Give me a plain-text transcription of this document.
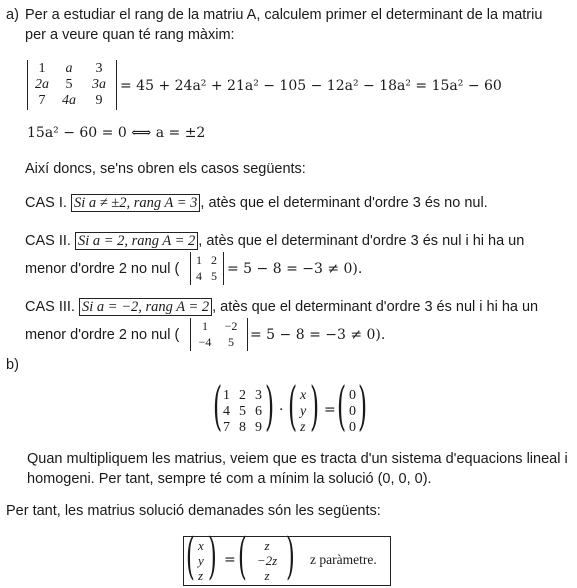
a) Per a estudiar el rang de la matriu A, calculem primer el determinant de la matriu
per a veure quan té rang màxim:
1	a	3
2a	5	3a
7	4a	9
= 45 + 24a² + 21a² − 105 − 12a² − 18a² = 15a² − 60
15a² − 60 = 0 ⟺ a = ±2
Així doncs, se'ns obren els casos següents:
CAS I. Si a ≠ ±2, rang A = 3 , atès que el determinant d'ordre 3 és no nul.
CAS II. Si a = 2, rang A = 2 , atès que el determinant d'ordre 3 és nul i hi ha un
menor d'ordre 2 no nul (
1 2
4 5 = 5 − 8 = −3 ≠ 0).
CAS III. Si a = −2, rang A = 2 , atès que el determinant d'ordre 3 és nul i hi ha un
menor d'ordre 2 no nul (
1	−2
−4	5	= 5 − 8 = −3 ≠ 0).
b)
( 1 2 3
4 5 6
7 8 9 ) · ( x
y
z ) = ( 0
0
0 )
Quan multipliquem les matrius, veiem que es tracta d'un sistema d'equacions lineal i
homogeni. Per tant, sempre té com a mínim la solució (0, 0, 0).
Per tant, les matrius solució demanades són les següents:
( x
y
z ) = (	z
−2z
z ) z paràmetre.
